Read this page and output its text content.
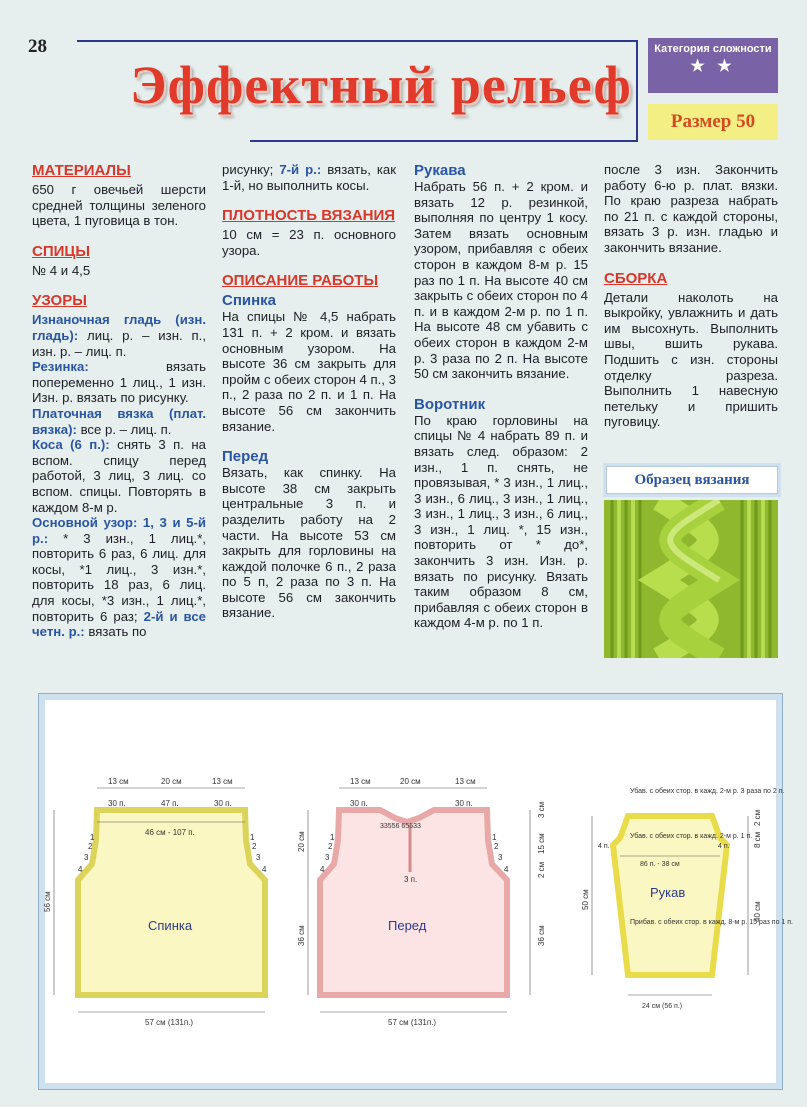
28
Эффектный рельеф
Категория сложности
★ ★
Размер 50
МАТЕРИАЛЫ

650 г овечьей шерсти средней толщины зеленого цвета, 1 пуговица в тон.

СПИЦЫ

№ 4 и 4,5

УЗОРЫ

Изнаночная гладь (изн. гладь): лиц. р. – изн. п., изн. р. – лиц. п.

Резинка: вязать попеременно 1 лиц., 1 изн. Изн. р. вязать по рисунку.

Платочная вязка (плат. вязка): все р. – лиц. п.

Коса (6 п.): снять 3 п. на вспом. спицу перед работой, 3 лиц, 3 лиц. со вспом. спицы. Повторять в каждом 8-м р.

Основной узор: 1, 3 и 5-й р.: * 3 изн., 1 лиц.*, повторить 6 раз, 6 лиц. для косы, *1 лиц., 3 изн.*, повторить 18 раз, 6 лиц. для косы, *3 изн., 1 лиц.*, повторить 6 раз; 2-й и все четн. р.: вязать по

рисунку; 7-й р.: вязать, как 1-й, но выполнить косы.

ПЛОТНОСТЬ ВЯЗАНИЯ

10 см = 23 п. основного узора.

ОПИСАНИЕ РАБОТЫ
Спинка

На спицы № 4,5 набрать 131 п. + 2 кром. и вязать основным узором. На высоте 36 см закрыть для пройм с обеих сторон 4 п., 3 п., 2 раза по 2 п. и 1 п. На высоте 56 см закончить вязание.

Перед

Вязать, как спинку. На высоте 38 см закрыть центральные 3 п. и разделить работу на 2 части. На высоте 53 см закрыть для горловины на каждой полочке 6 п., 2 раза по 5 п, 2 раза по 3 п. На высоте 56 см закончить вязание.

Рукава

Набрать 56 п. + 2 кром. и вязать 12 р. резинкой, выполняя по центру 1 косу. Затем вязать основным узором, прибавляя с обеих сторон в каждом 8-м р. 15 раз по 1 п. На высоте 40 см закрыть с обеих сторон по 4 п. и в каждом 2-м р. по 1 п. На высоте 48 см убавить с обеих сторон в каждом 2-м р. 3 раза по 2 п. На высоте 50 см закончить вязание.

Воротник

По краю горловины на спицы № 4 набрать 89 п. и вязать след. образом: 2 изн., 1 п. снять, не провязывая, * 3 изн., 1 лиц., 3 изн., 6 лиц., 3 изн., 1 лиц., 3 изн., 1 лиц., 3 изн., 6 лиц., 3 изн., 1 лиц. *, 15 изн., повторить от * до*, закончить 3 изн. Изн. р. вязать по рисунку. Вязать таким образом 8 см, прибавляя с обеих сторон в каждом 4-м р. по 1 п.

после 3 изн. Закончить работу 6-ю р. плат. вязки. По краю разреза набрать по 21 п. с каждой стороны, вязать 3 р. изн. гладью и закончить вязание.

СБОРКА

Детали наколоть на выкройку, увлажнить и дать им высохнуть. Выполнить швы, вшить рукава. Подшить с изн. стороны отделку разреза. Выполнить 1 навесную петельку и пришить пуговицу.

Образец вязания
Спинка
13 см	20 см	13 см
30 п.	47 п.	30 п.
46 см - 107 п.
1
2
3
4
1
2
3
4
56 см
57 см (131п.)
Перед
13 см	20 см	13 см
30 п.	30 п.
33556 65533
3 п.
1
2
3
4
1
2
3
4
20 см
36 см
3 см
15 см
2 см
36 см
57 см (131п.)
Рукав
Убав. с обеих стор. в кажд. 2-м р. 3 раза по 2 п.
Убав. с обеих стор. в кажд. 2-м р. 1 п.
86 п. - 38 см
Прибав. с обеих стор. в кажд. 8-м р. 15 раз по 1 п.
4 п.	4 п.
50 см
2 см
8 см
40 см
24 см (56 п.)
